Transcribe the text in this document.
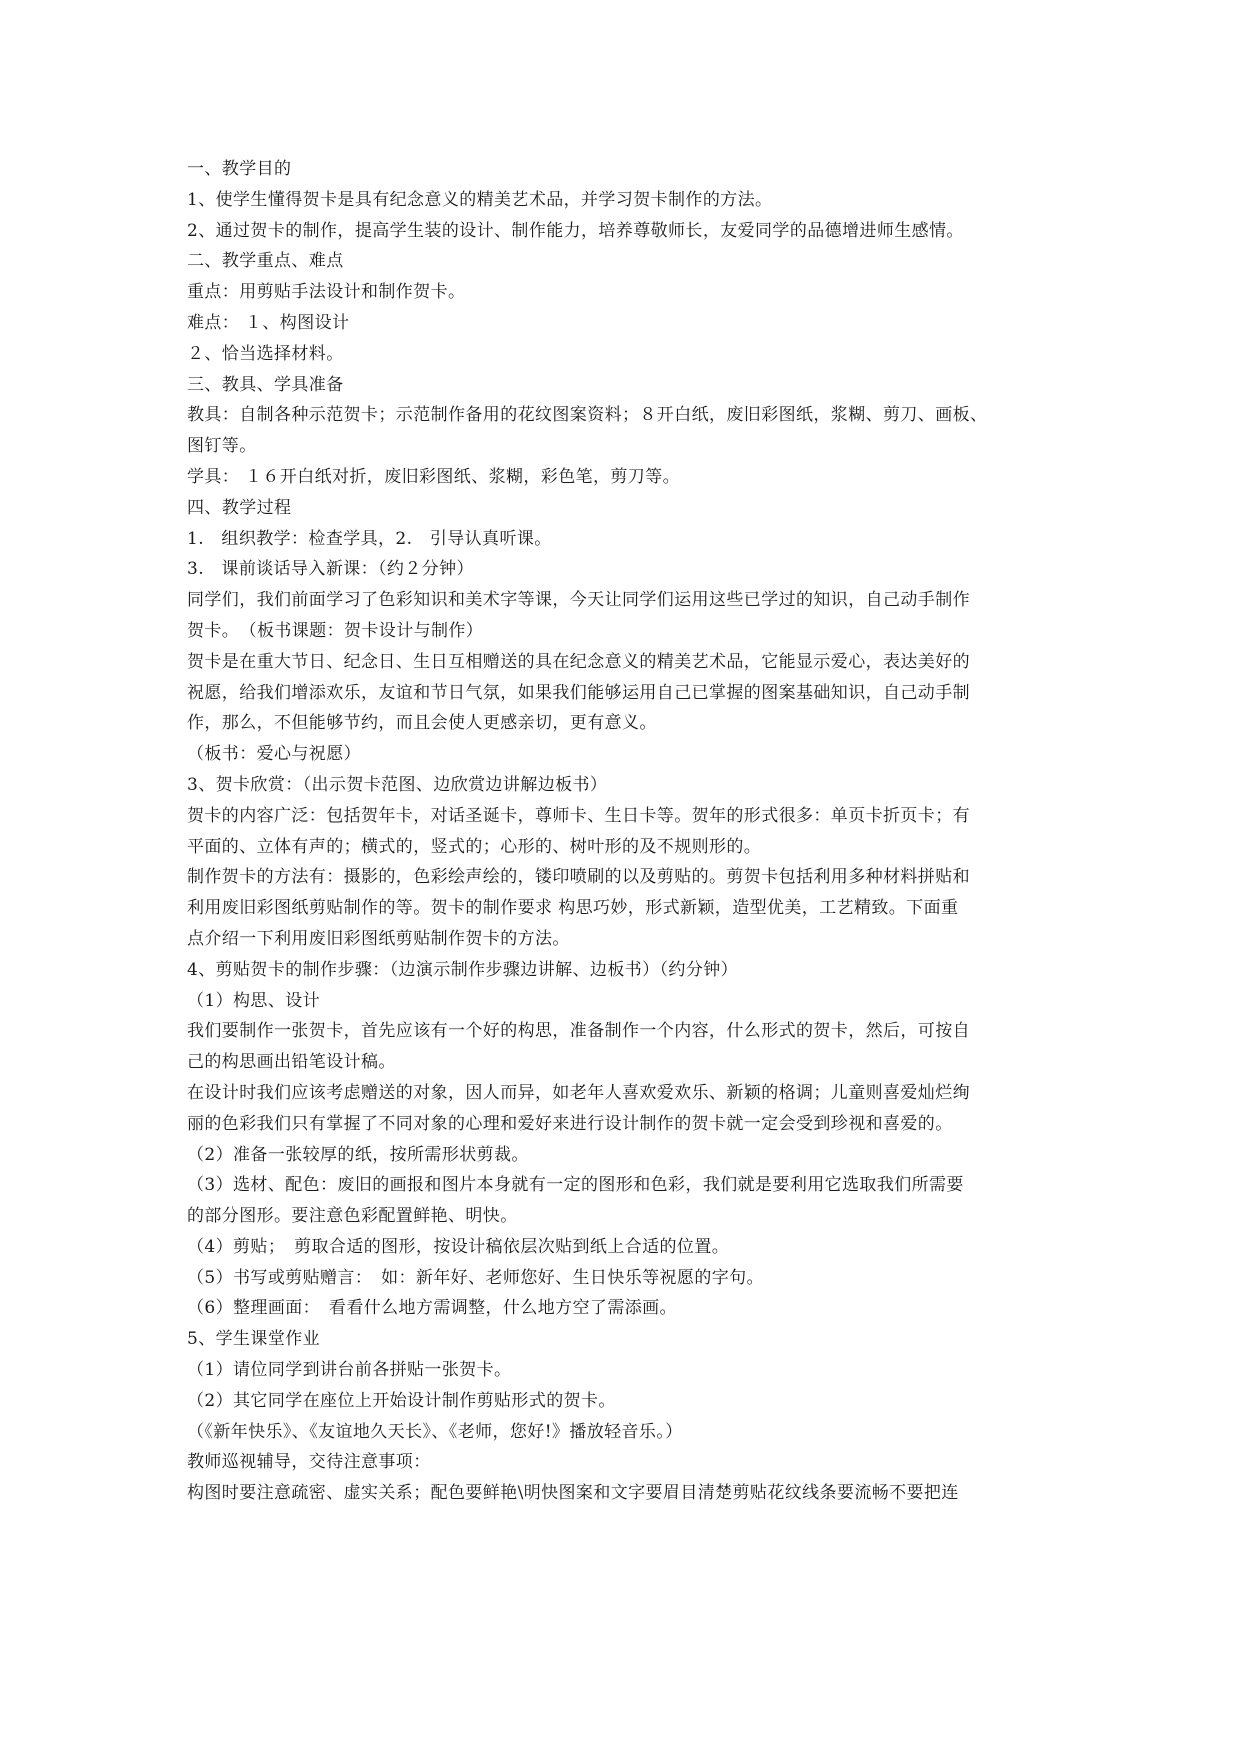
一、教学目的
1、使学生懂得贺卡是具有纪念意义的精美艺术品，并学习贺卡制作的方法。
2、通过贺卡的制作，提高学生装的设计、制作能力，培养尊敬师长，友爱同学的品德增进师生感情。
二、教学重点、难点
重点：用剪贴手法设计和制作贺卡。
难点： １、构图设计
２、恰当选择材料。
三、教具、学具准备
教具：自制各种示范贺卡；示范制作备用的花纹图案资料；８开白纸，废旧彩图纸，浆糊、剪刀、画板、
图钉等。
学具： １６开白纸对折，废旧彩图纸、浆糊，彩色笔，剪刀等。
四、教学过程
1.　组织教学：检查学具，2.　引导认真听课。
3.　课前谈话导入新课：（约２分钟）
同学们，我们前面学习了色彩知识和美术字等课，今天让同学们运用这些已学过的知识，自己动手制作
贺卡。　（板书课题：贺卡设计与制作）
贺卡是在重大节日、纪念日、生日互相赠送的具在纪念意义的精美艺术品，它能显示爱心，表达美好的
祝愿，给我们增添欢乐，友谊和节日气氛，如果我们能够运用自己已掌握的图案基础知识，自己动手制
作，那么，不但能够节约，而且会使人更感亲切，更有意义。
（板书：爱心与祝愿）
3、贺卡欣赏：（出示贺卡范图、边欣赏边讲解边板书）
贺卡的内容广泛：包括贺年卡，对话圣诞卡，尊师卡、生日卡等。贺年的形式很多：单页卡折页卡；有
平面的、立体有声的；横式的，竖式的；心形的、树叶形的及不规则形的。
制作贺卡的方法有：摄影的，色彩绘声绘的，镂印喷刷的以及剪贴的。剪贺卡包括利用多种材料拼贴和
利用废旧彩图纸剪贴制作的等。贺卡的制作要求 构思巧妙，形式新颖，造型优美，工艺精致。下面重
点介绍一下利用废旧彩图纸剪贴制作贺卡的方法。
4、剪贴贺卡的制作步骤：（边演示制作步骤边讲解、边板书）（约分钟）
（1）构思、设计
我们要制作一张贺卡，首先应该有一个好的构思，准备制作一个内容，什么形式的贺卡，然后，可按自
己的构思画出铅笔设计稿。
在设计时我们应该考虑赠送的对象，因人而异，如老年人喜欢爱欢乐、新颖的格调；儿童则喜爱灿烂绚
丽的色彩我们只有掌握了不同对象的心理和爱好来进行设计制作的贺卡就一定会受到珍视和喜爱的。
（2）准备一张较厚的纸，按所需形状剪裁。
（3）选材、配色：废旧的画报和图片本身就有一定的图形和色彩，我们就是要利用它选取我们所需要
的部分图形。要注意色彩配置鲜艳、明快。
（4）剪贴；　剪取合适的图形，按设计稿依层次贴到纸上合适的位置。
（5）书写或剪贴赠言：　如：新年好、老师您好、生日快乐等祝愿的字句。
（6）整理画面：　看看什么地方需调整，什么地方空了需添画。
5、学生课堂作业
（1）请位同学到讲台前各拼贴一张贺卡。
（2）其它同学在座位上开始设计制作剪贴形式的贺卡。
（《新年快乐》、《友谊地久天长》、《老师，您好!》播放轻音乐。）
教师巡视辅导，交待注意事项：
构图时要注意疏密、虚实关系；配色要鲜艳\明快图案和文字要眉目清楚剪贴花纹线条要流畅不要把连
